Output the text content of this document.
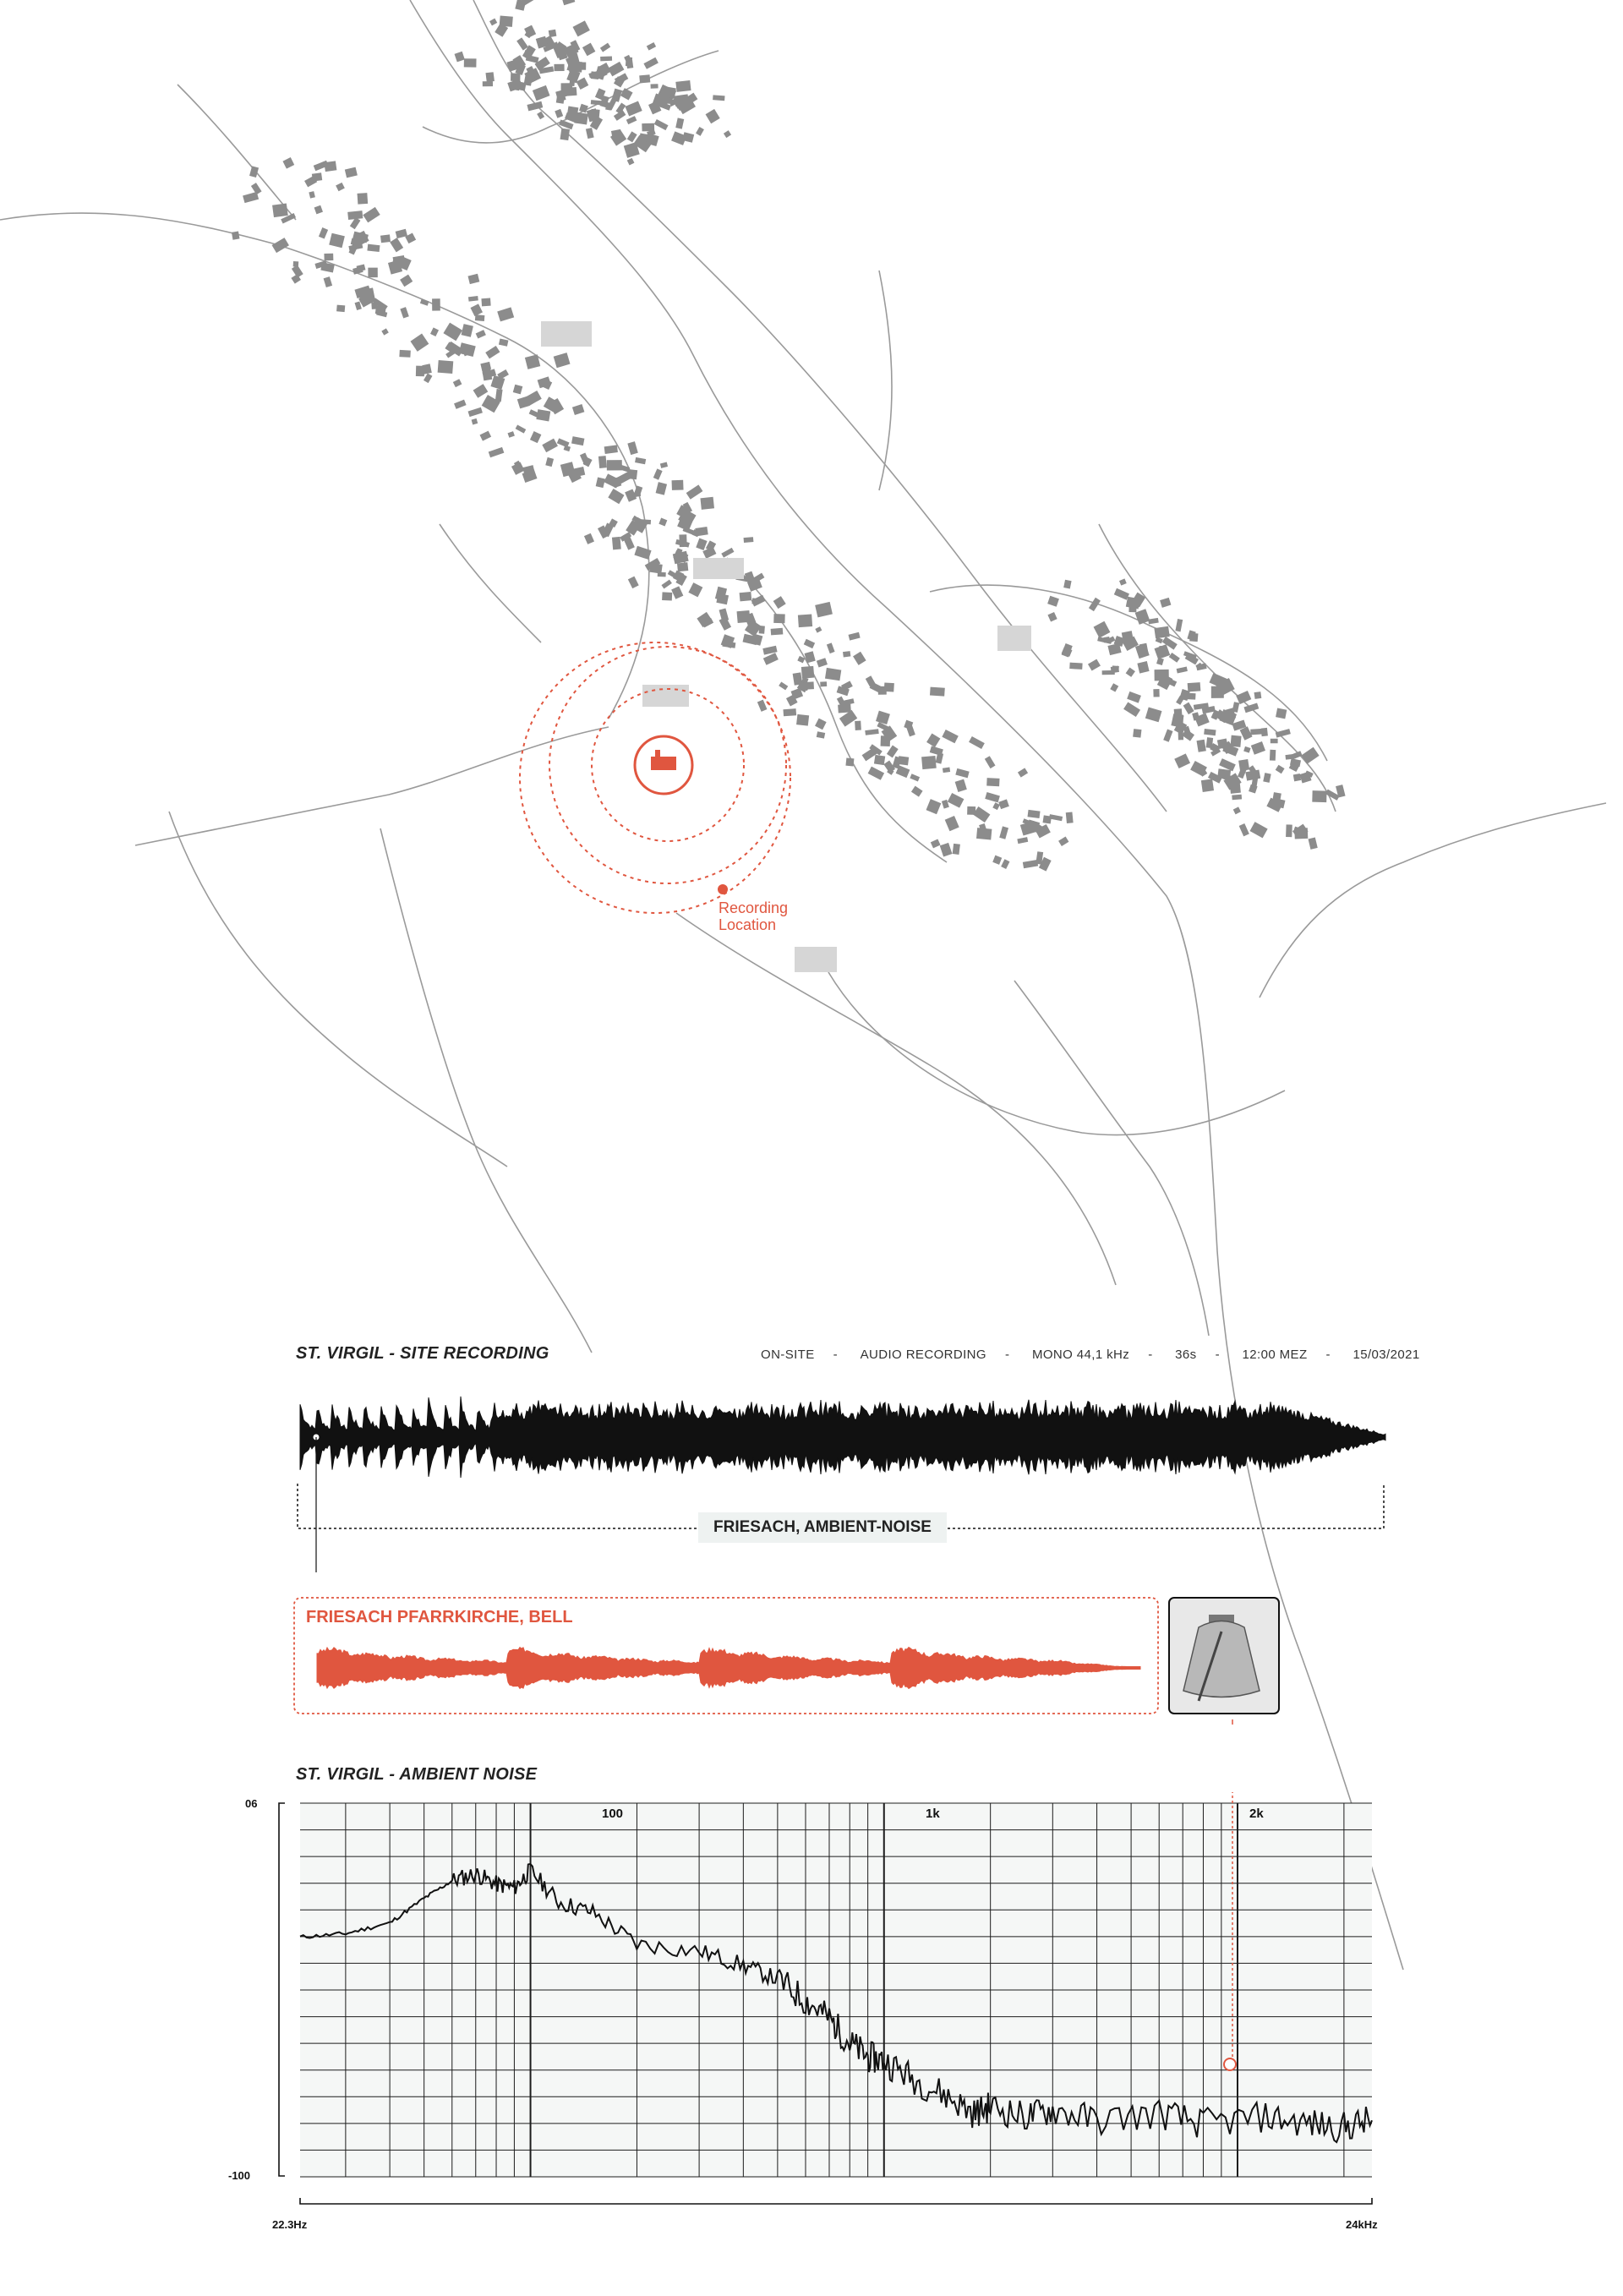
Recording
Location
ST. VIRGIL - SITE RECORDING	ON-SITE - AUDIO RECORDING - MONO 44,1 kHz - 36s - 12:00 MEZ - 15/03/2021
FRIESACH, AMBIENT-NOISE
FRIESACH PFARRKIRCHE, BELL
ST. VIRGIL - AMBIENT NOISE
06
-100
22.3Hz	24kHz
100	1k	2k
